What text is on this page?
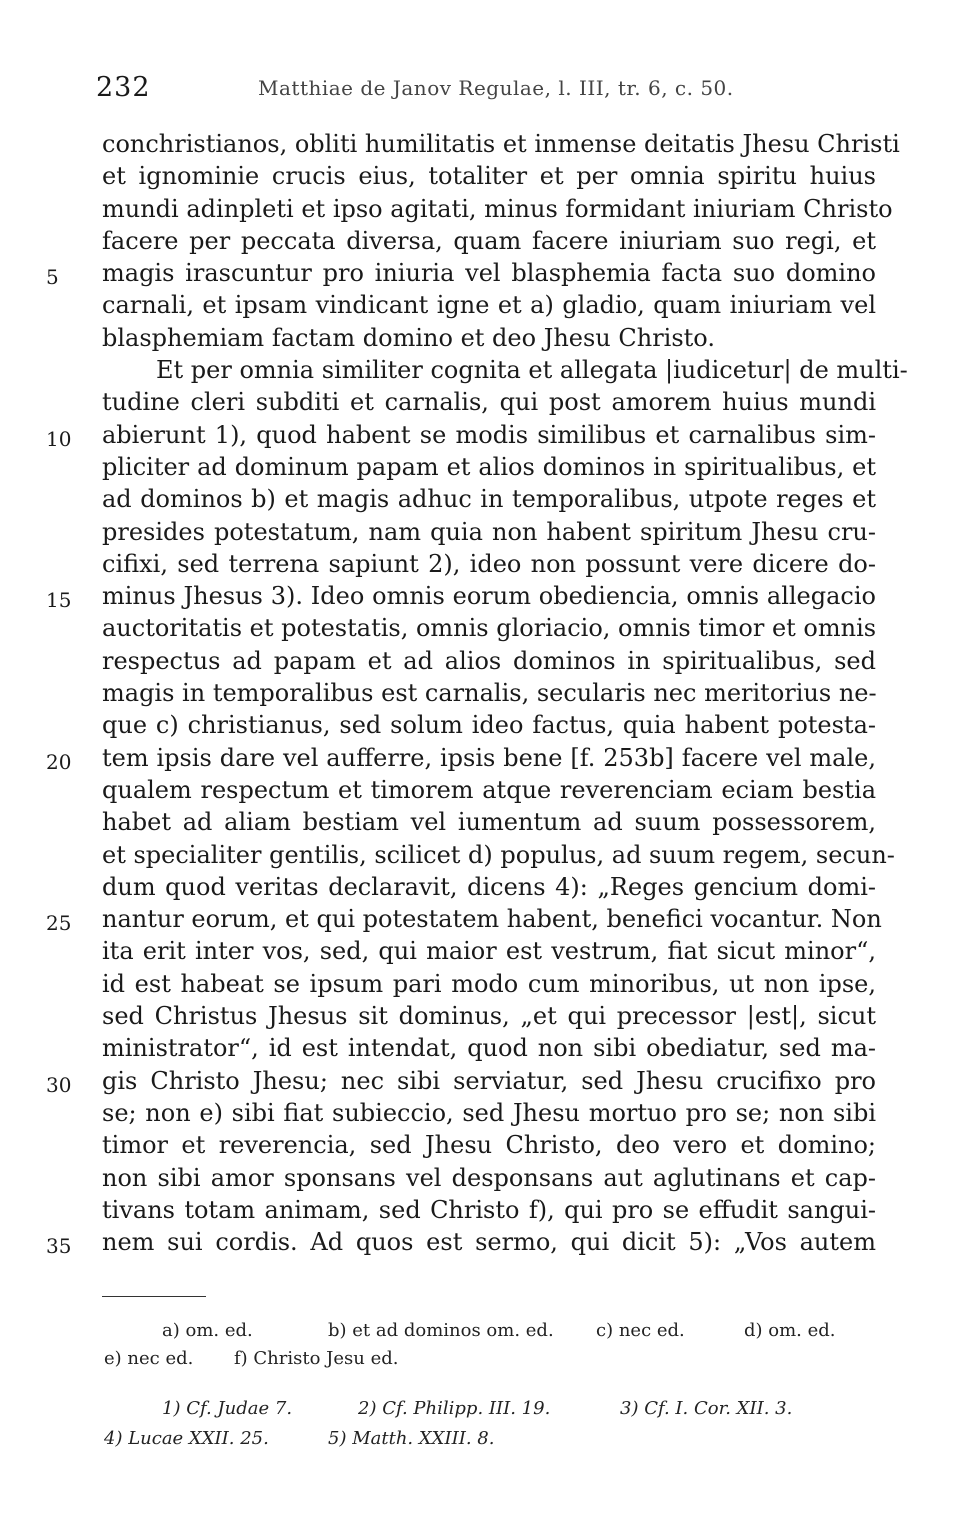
232	Matthiae de Janov Regulae, l. III, tr. 6, c. 50.
conchristianos, obliti humilitatis et inmense deitatis Jhesu Christi
et ignominie crucis eius, totaliter et per omnia spiritu huius
mundi adinpleti et ipso agitati, minus formidant iniuriam Christo
facere per peccata diversa, quam facere iniuriam suo regi, et
5	magis irascuntur pro iniuria vel blasphemia facta suo domino
carnali, et ipsam vindicant igne et a) gladio, quam iniuriam vel
blasphemiam factam domino et deo Jhesu Christo.
Et per omnia similiter cognita et allegata |iudicetur| de multi-
tudine cleri subditi et carnalis, qui post amorem huius mundi
10	abierunt 1), quod habent se modis similibus et carnalibus sim-
pliciter ad dominum papam et alios dominos in spiritualibus, et
ad dominos b) et magis adhuc in temporalibus, utpote reges et
presides potestatum, nam quia non habent spiritum Jhesu cru-
cifixi, sed terrena sapiunt 2), ideo non possunt vere dicere do-
15	minus Jhesus 3). Ideo omnis eorum obediencia, omnis allegacio
auctoritatis et potestatis, omnis gloriacio, omnis timor et omnis
respectus ad papam et ad alios dominos in spiritualibus, sed
magis in temporalibus est carnalis, secularis nec meritorius ne-
que c) christianus, sed solum ideo factus, quia habent potesta-
20	tem ipsis dare vel aufferre, ipsis bene [f. 253b] facere vel male,
qualem respectum et timorem atque reverenciam eciam bestia
habet ad aliam bestiam vel iumentum ad suum possessorem,
et specialiter gentilis, scilicet d) populus, ad suum regem, secun-
dum quod veritas declaravit, dicens 4): „Reges gencium domi-
25	nantur eorum, et qui potestatem habent, benefici vocantur. Non
ita erit inter vos, sed, qui maior est vestrum, fiat sicut minor“,
id est habeat se ipsum pari modo cum minoribus, ut non ipse,
sed Christus Jhesus sit dominus, „et qui precessor |est|, sicut
ministrator“, id est intendat, quod non sibi obediatur, sed ma-
30	gis Christo Jhesu; nec sibi serviatur, sed Jhesu crucifixo pro
se; non e) sibi fiat subieccio, sed Jhesu mortuo pro se; non sibi
timor et reverencia, sed Jhesu Christo, deo vero et domino;
non sibi amor sponsans vel desponsans aut aglutinans et cap-
tivans totam animam, sed Christo f), qui pro se effudit sangui-
35	nem sui cordis. Ad quos est sermo, qui dicit 5): „Vos autem
a) om. ed.	b) et ad dominos om. ed. c) nec ed.	d) om. ed.
e) nec ed. f) Christo Jesu ed.
1) Cf. Judae 7.	2) Cf. Philipp. III. 19.	3) Cf. I. Cor. XII. 3.
4) Lucae XXII. 25.	5) Matth. XXIII. 8.
